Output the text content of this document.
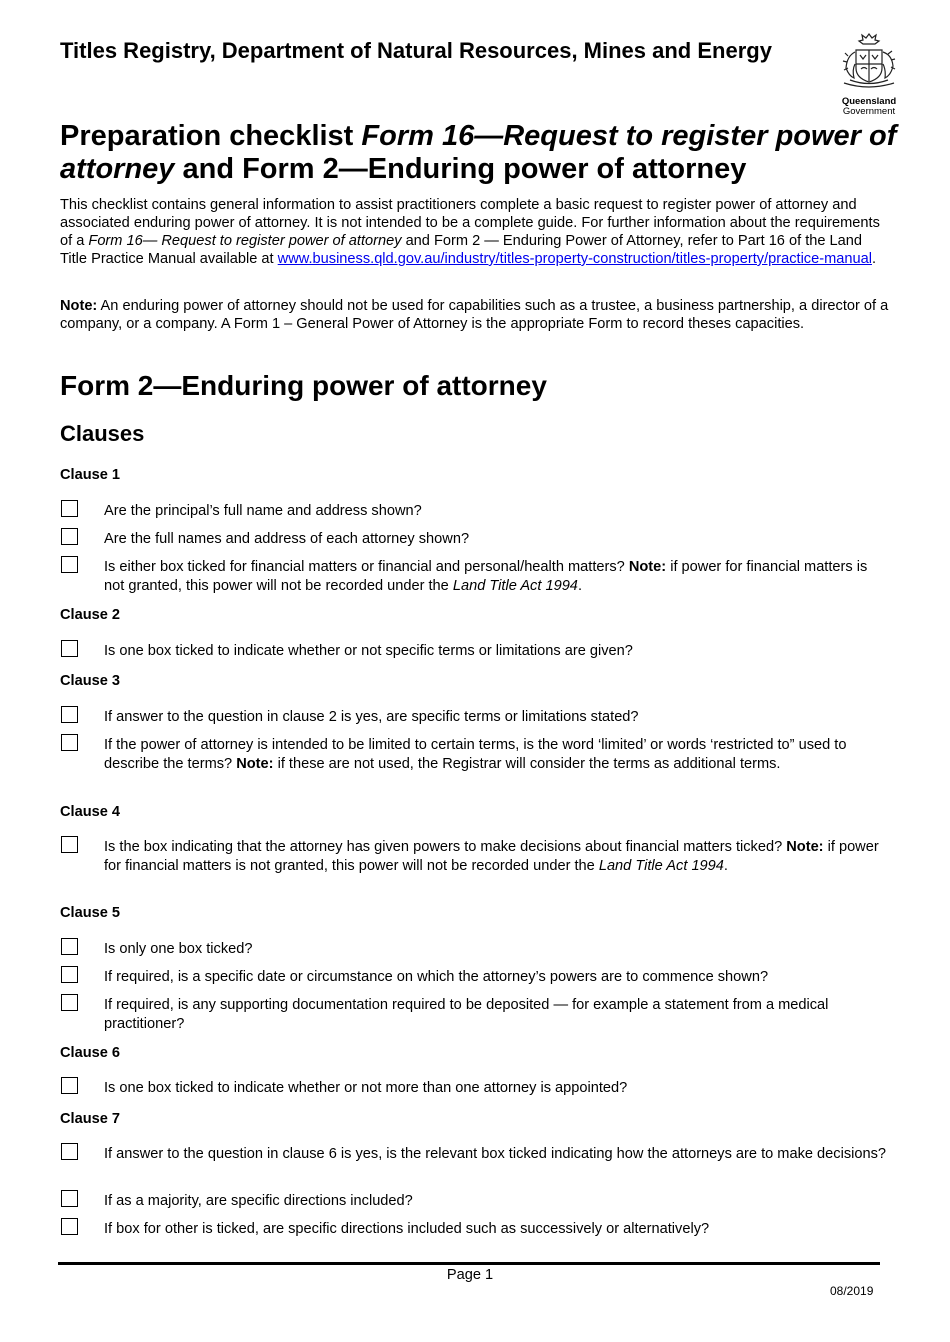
Titles Registry, Department of Natural Resources, Mines and Energy
Queensland
Government
Preparation checklist Form 16—Request to register power of attorney and Form 2—Enduring power of attorney
This checklist contains general information to assist practitioners complete a basic request to register power of attorney and associated enduring power of attorney. It is not intended to be a complete guide. For further information about the requirements of a Form 16— Request to register power of attorney and Form 2 — Enduring Power of Attorney, refer to Part 16 of the Land Title Practice Manual available at www.business.qld.gov.au/industry/titles-property-construction/titles-property/practice-manual.
Note: An enduring power of attorney should not be used for capabilities such as a trustee, a business partnership, a director of a company, or a company. A Form 1 – General Power of Attorney is the appropriate Form to record theses capacities.
Form 2—Enduring power of attorney
Clauses
Clause 1
Are the principal’s full name and address shown?
Are the full names and address of each attorney shown?
Is either box ticked for financial matters or financial and personal/health matters? Note: if power for financial matters is not granted, this power will not be recorded under the Land Title Act 1994.
Clause 2
Is one box ticked to indicate whether or not specific terms or limitations are given?
Clause 3
If answer to the question in clause 2 is yes, are specific terms or limitations stated?
If the power of attorney is intended to be limited to certain terms, is the word ‘limited’ or words ‘restricted to” used to describe the terms? Note: if these are not used, the Registrar will consider the terms as additional terms.
Clause 4
Is the box indicating that the attorney has given powers to make decisions about financial matters ticked? Note: if power for financial matters is not granted, this power will not be recorded under the Land Title Act 1994.
Clause 5
Is only one box ticked?
If required, is a specific date or circumstance on which the attorney’s powers are to commence shown?
If required, is any supporting documentation required to be deposited — for example a statement from a medical practitioner?
Clause 6
Is one box ticked to indicate whether or not more than one attorney is appointed?
Clause 7
If answer to the question in clause 6 is yes, is the relevant box ticked indicating how the attorneys are to make decisions?
If as a majority, are specific directions included?
If box for other is ticked, are specific directions included such as successively or alternatively?
Page 1
08/2019
